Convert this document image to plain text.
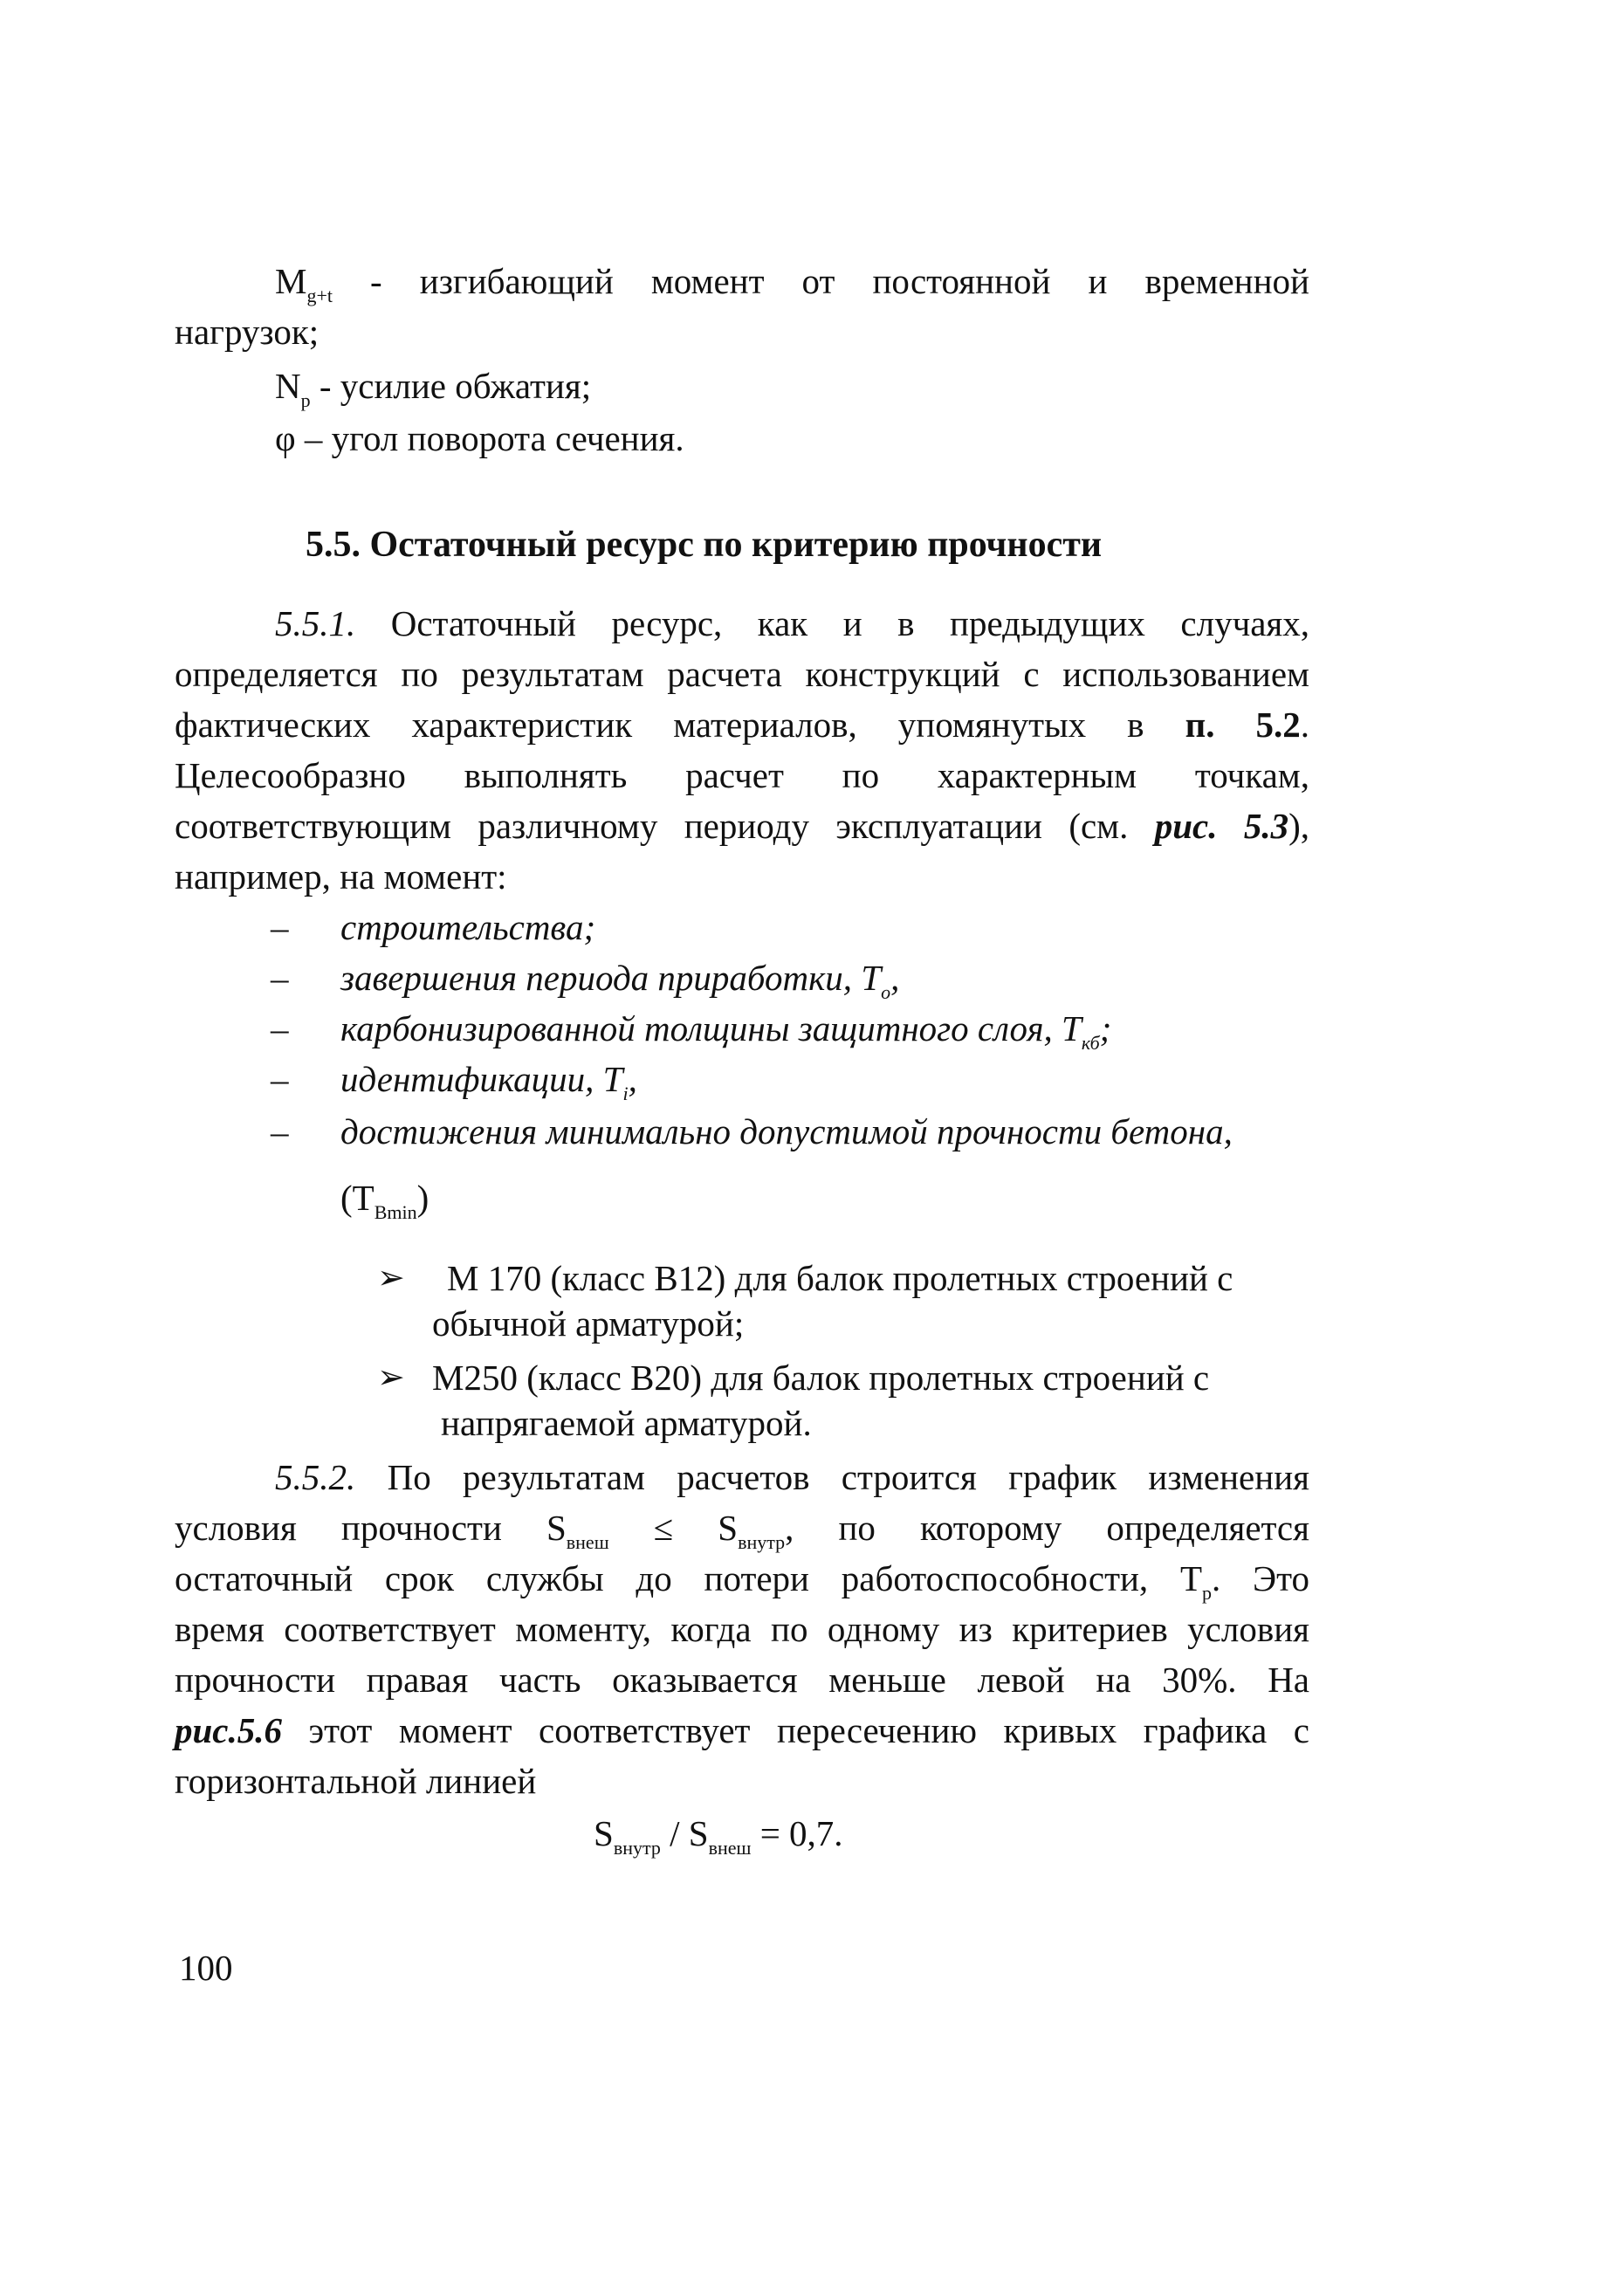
$M_{g+t}$ - изгибающий момент от постоянной и временной
нагрузок;
$N_p$ - усилие обжатия;
φ – угол поворота сечения.
5.5. Остаточный ресурс по критерию прочности
5.5.1. Остаточный ресурс, как и в предыдущих случаях,
определяется по результатам расчета конструкций с использованием
фактических характеристик материалов, упомянутых в п. 5.2.
Целесообразно выполнять расчет по характерным точкам,
соответствующим различному периоду эксплуатации (см. рис. 5.3),
например, на момент:
– строительства;
– завершения периода приработки, $T_o$,
– карбонизированной толщины защитного слоя, $T_{кб}$;
– идентификации, $T_i$,
– достижения минимально допустимой прочности бетона,
$(T_{Bmin})$
➢ М 170 (класс В12) для балок пролетных строений с
обычной арматурой;
➢ М250 (класс В20) для балок пролетных строений с
напрягаемой арматурой.
5.5.2. По результатам расчетов строится график изменения
условия прочности $S_{внеш} \le S_{внутр}$, по которому определяется
остаточный срок службы до потери работоспособности, $T_p$. Это
время соответствует моменту, когда по одному из критериев условия
прочности правая часть оказывается меньше левой на 30%. На
рис.5.6 этот момент соответствует пересечению кривых графика с
горизонтальной линией
$S_{внутр} / S_{внеш} = 0,7$.
100
